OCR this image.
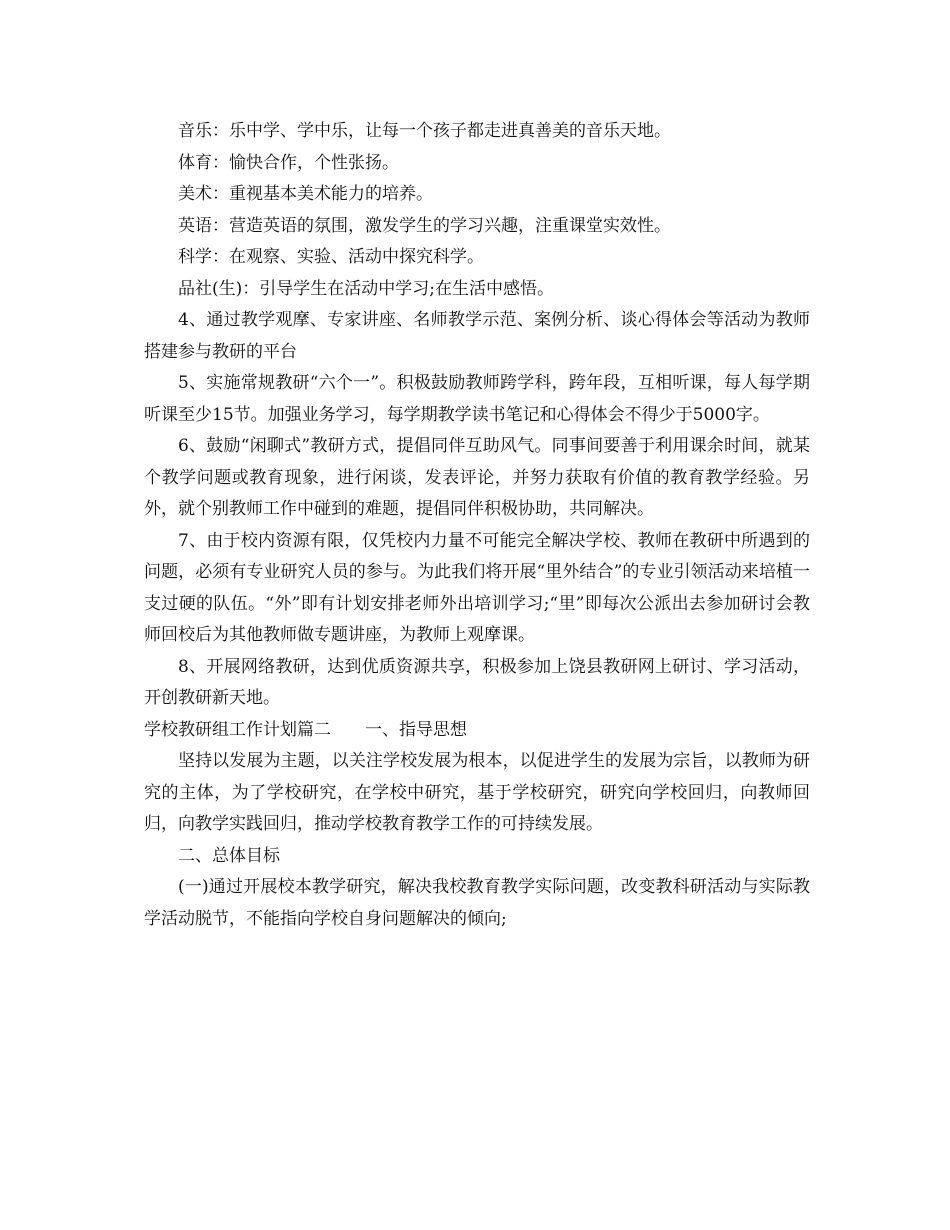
音乐：乐中学、学中乐，让每一个孩子都走进真善美的音乐天地。

体育：愉快合作，个性张扬。

美术：重视基本美术能力的培养。

英语：营造英语的氛围，激发学生的学习兴趣，注重课堂实效性。

科学：在观察、实验、活动中探究科学。

品社(生)：引导学生在活动中学习;在生活中感悟。

4、通过教学观摩、专家讲座、名师教学示范、案例分析、谈心得体会等活动为教师搭建参与教研的平台

5、实施常规教研“六个一”。积极鼓励教师跨学科，跨年段，互相听课，每人每学期听课至少15节。加强业务学习，每学期教学读书笔记和心得体会不得少于5000字。

6、鼓励“闲聊式”教研方式，提倡同伴互助风气。同事间要善于利用课余时间，就某个教学问题或教育现象，进行闲谈，发表评论，并努力获取有价值的教育教学经验。另外，就个别教师工作中碰到的难题，提倡同伴积极协助，共同解决。

7、由于校内资源有限，仅凭校内力量不可能完全解决学校、教师在教研中所遇到的问题，必须有专业研究人员的参与。为此我们将开展“里外结合”的专业引领活动来培植一支过硬的队伍。“外”即有计划安排老师外出培训学习;“里”即每次公派出去参加研讨会教师回校后为其他教师做专题讲座，为教师上观摩课。

8、开展网络教研，达到优质资源共享，积极参加上饶县教研网上研讨、学习活动，开创教研新天地。

学校教研组工作计划篇二　　一、指导思想

坚持以发展为主题，以关注学校发展为根本，以促进学生的发展为宗旨，以教师为研究的主体，为了学校研究，在学校中研究，基于学校研究，研究向学校回归，向教师回归，向教学实践回归，推动学校教育教学工作的可持续发展。

二、总体目标

(一)通过开展校本教学研究，解决我校教育教学实际问题，改变教科研活动与实际教学活动脱节，不能指向学校自身问题解决的倾向;
